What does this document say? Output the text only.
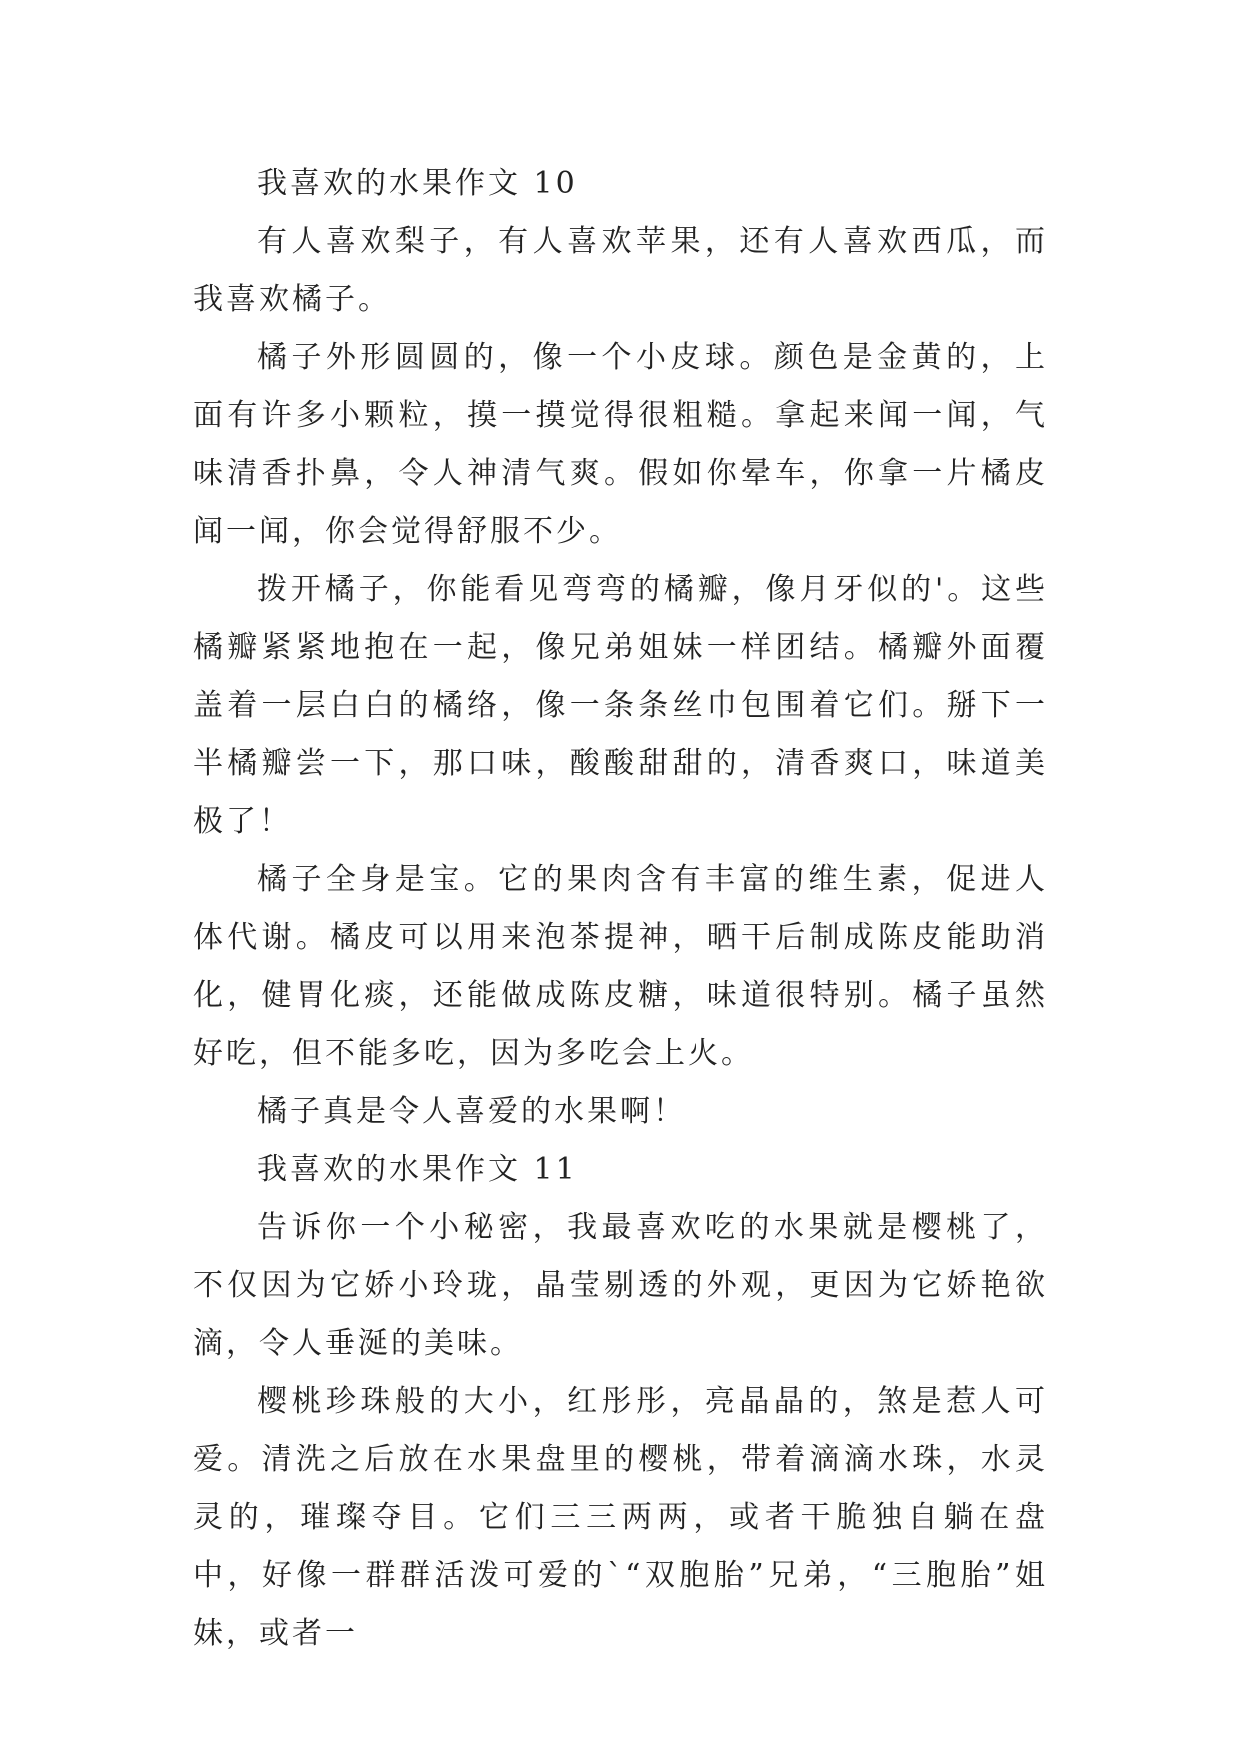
我喜欢的水果作文 10

有人喜欢梨子，有人喜欢苹果，还有人喜欢西瓜，而我喜欢橘子。

橘子外形圆圆的，像一个小皮球。颜色是金黄的，上面有许多小颗粒，摸一摸觉得很粗糙。拿起来闻一闻，气味清香扑鼻，令人神清气爽。假如你晕车，你拿一片橘皮闻一闻，你会觉得舒服不少。

拨开橘子，你能看见弯弯的橘瓣，像月牙似的'。这些橘瓣紧紧地抱在一起，像兄弟姐妹一样团结。橘瓣外面覆盖着一层白白的橘络，像一条条丝巾包围着它们。掰下一半橘瓣尝一下，那口味，酸酸甜甜的，清香爽口，味道美极了！

橘子全身是宝。它的果肉含有丰富的维生素，促进人体代谢。橘皮可以用来泡茶提神，晒干后制成陈皮能助消化，健胃化痰，还能做成陈皮糖，味道很特别。橘子虽然好吃，但不能多吃，因为多吃会上火。

橘子真是令人喜爱的水果啊！

我喜欢的水果作文 11

告诉你一个小秘密，我最喜欢吃的水果就是樱桃了，不仅因为它娇小玲珑，晶莹剔透的外观，更因为它娇艳欲滴，令人垂涎的美味。

樱桃珍珠般的大小，红彤彤，亮晶晶的，煞是惹人可爱。清洗之后放在水果盘里的樱桃，带着滴滴水珠，水灵灵的，璀璨夺目。它们三三两两，或者干脆独自躺在盘中，好像一群群活泼可爱的`“双胞胎”兄弟，“三胞胎”姐妹，或者一
